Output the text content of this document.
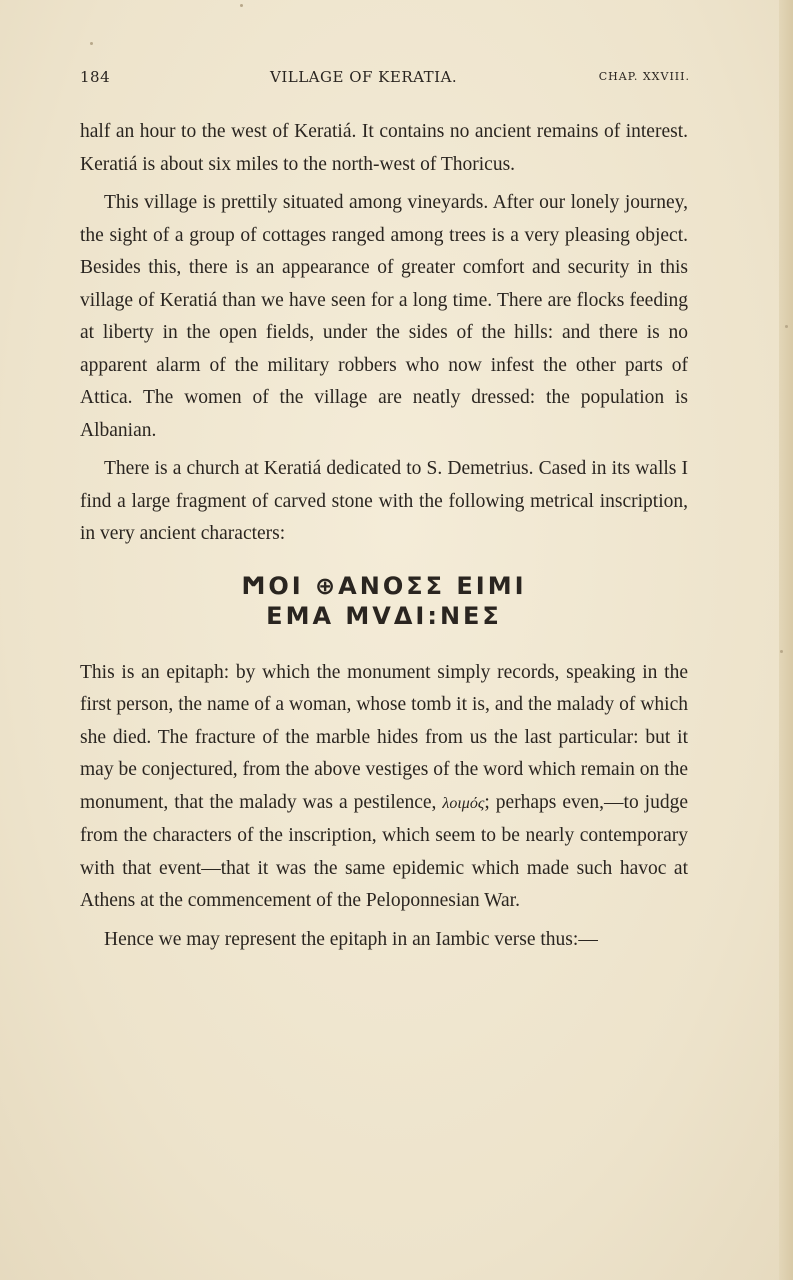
184	VILLAGE OF KERATIA.	CHAP. XXVIII.

half an hour to the west of Keratiá. It contains no ancient remains of interest. Keratiá is about six miles to the north-west of Thoricus.

This village is prettily situated among vineyards. After our lonely journey, the sight of a group of cottages ranged among trees is a very pleasing object. Besides this, there is an appearance of greater comfort and security in this village of Keratiá than we have seen for a long time. There are flocks feeding at liberty in the open fields, under the sides of the hills: and there is no apparent alarm of the military robbers who now infest the other parts of Attica. The women of the village are neatly dressed: the population is Albanian.

There is a church at Keratiá dedicated to S. Demetrius. Cased in its walls I find a large fragment of carved stone with the following metrical inscription, in very ancient characters:

ϺΟΙ ⊕ΑΝΟΣΣ ΕΙΜΙ
ΕΜΑ ΜVΔΙ:ΝΕΣ

This is an epitaph: by which the monument simply records, speaking in the first person, the name of a woman, whose tomb it is, and the malady of which she died. The fracture of the marble hides from us the last particular: but it may be conjectured, from the above vestiges of the word which remain on the monument, that the malady was a pestilence, λοιμός; perhaps even,—to judge from the characters of the inscription, which seem to be nearly contemporary with that event—that it was the same epidemic which made such havoc at Athens at the commencement of the Peloponnesian War.

Hence we may represent the epitaph in an Iambic verse thus:—
